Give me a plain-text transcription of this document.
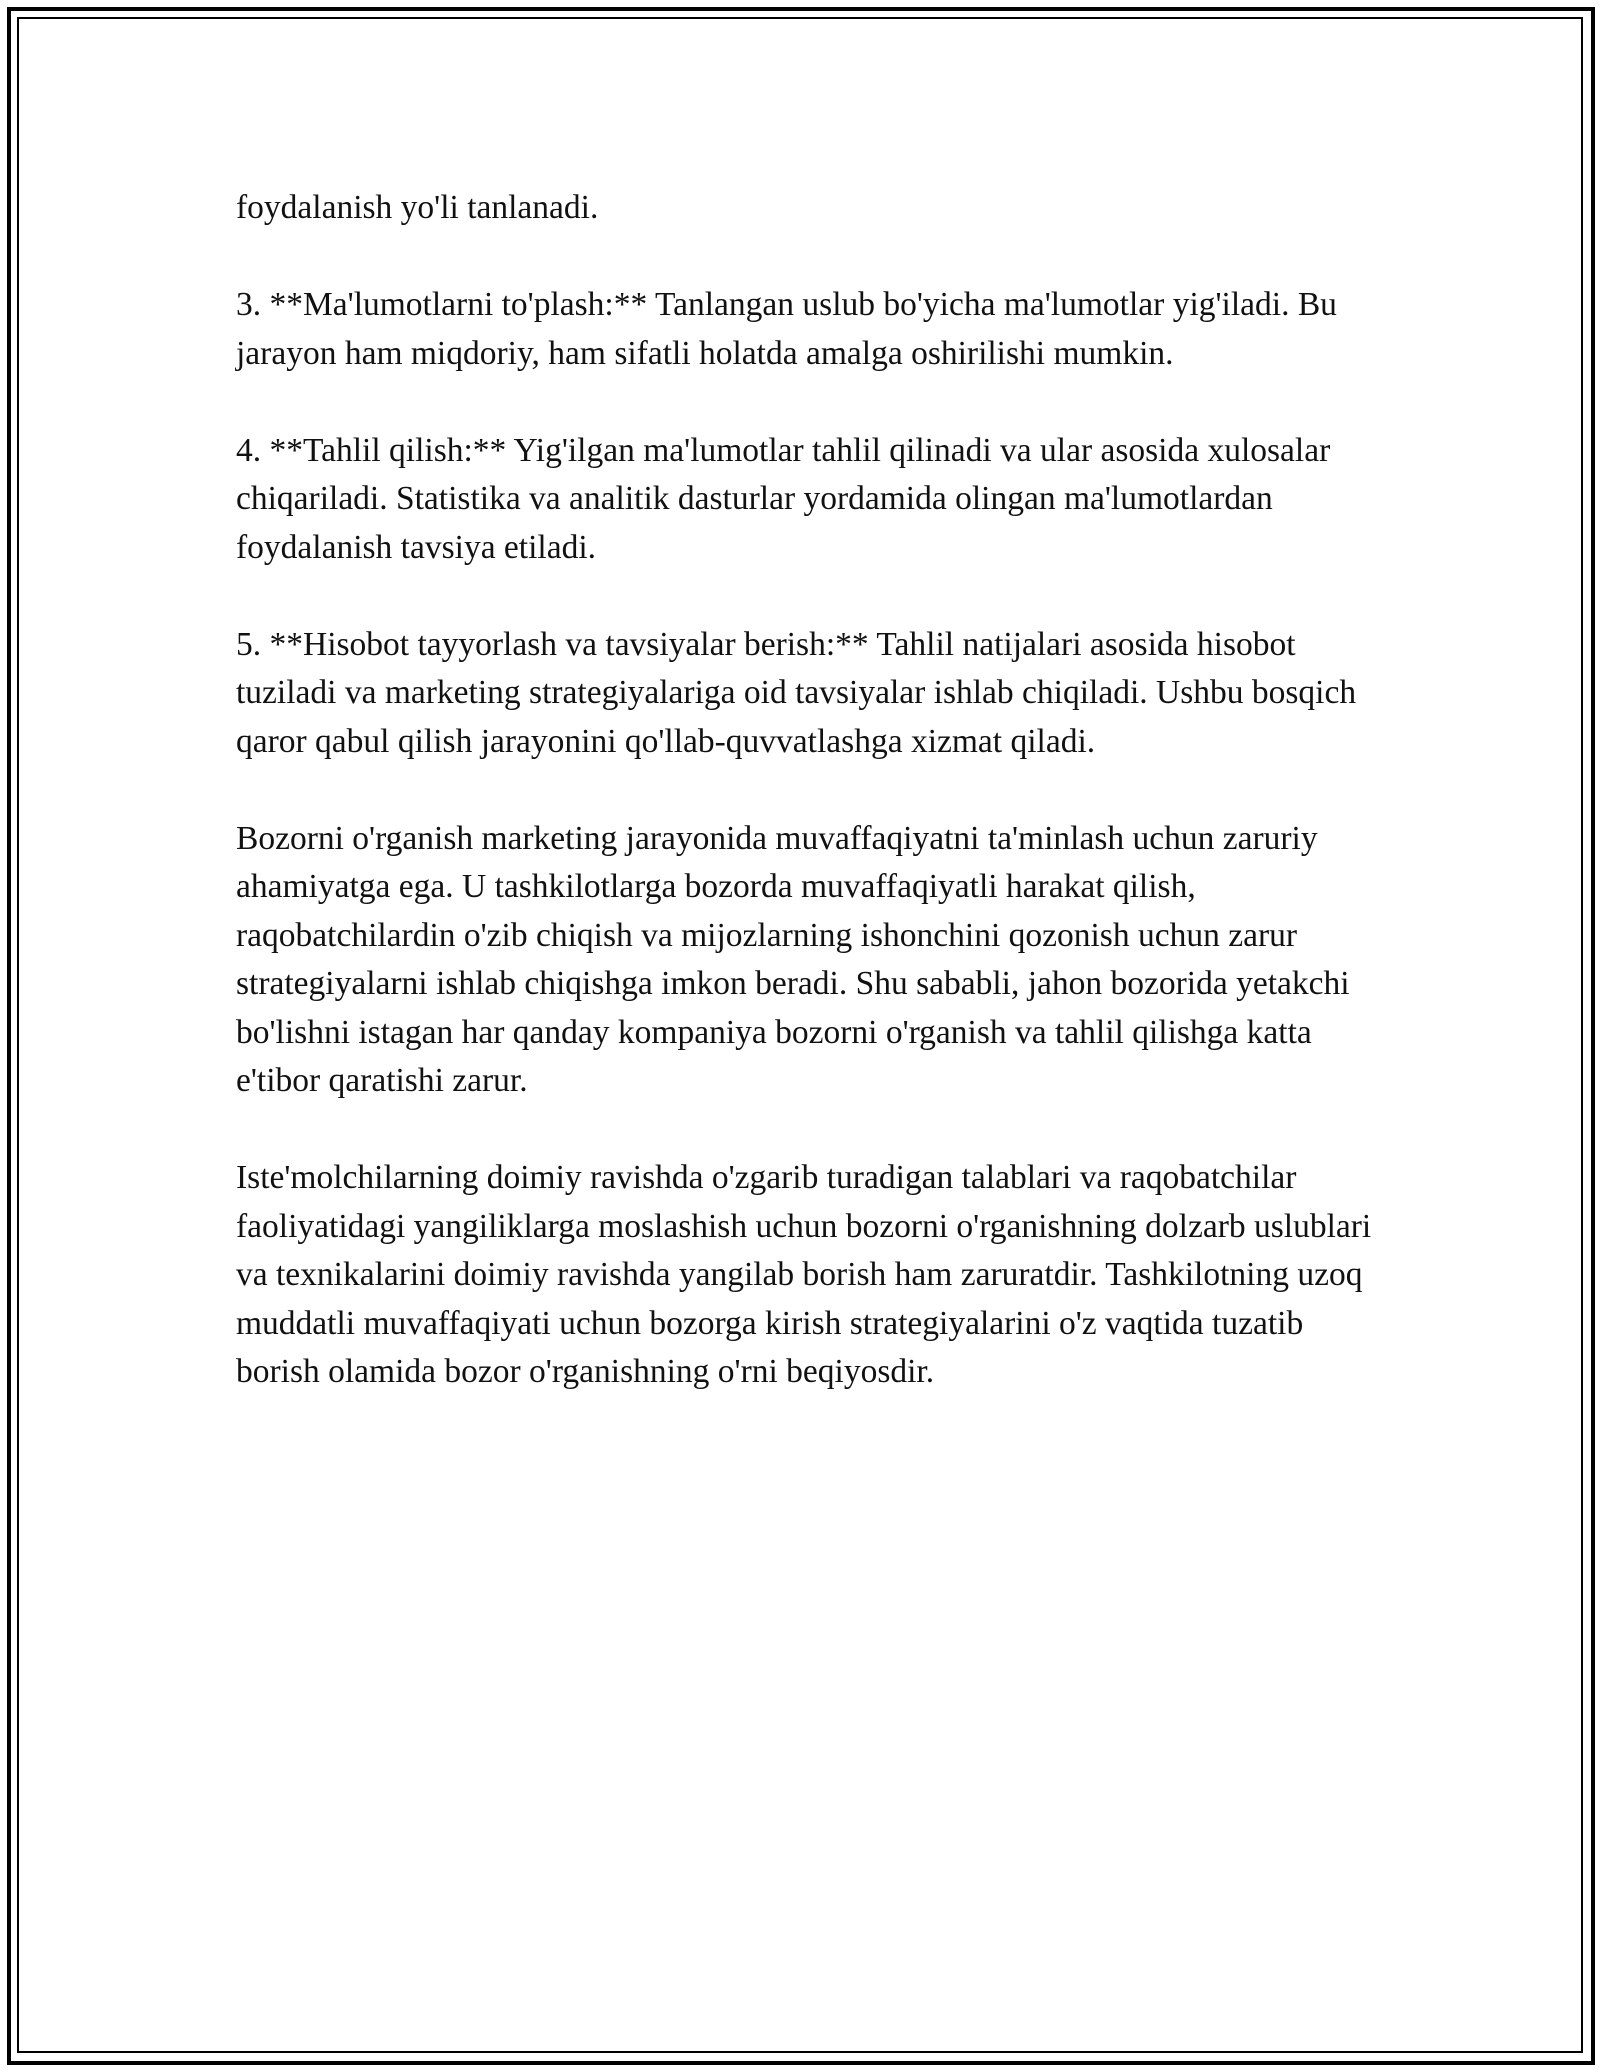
foydalanish yo'li tanlanadi.

3. **Ma'lumotlarni to'plash:** Tanlangan uslub bo'yicha ma'lumotlar yig'iladi. Bu jarayon ham miqdoriy, ham sifatli holatda amalga oshirilishi mumkin.

4. **Tahlil qilish:** Yig'ilgan ma'lumotlar tahlil qilinadi va ular asosida xulosalar chiqariladi. Statistika va analitik dasturlar yordamida olingan ma'lumotlardan foydalanish tavsiya etiladi.

5. **Hisobot tayyorlash va tavsiyalar berish:** Tahlil natijalari asosida hisobot tuziladi va marketing strategiyalariga oid tavsiyalar ishlab chiqiladi. Ushbu bosqich qaror qabul qilish jarayonini qo'llab-quvvatlashga xizmat qiladi.

Bozorni o'rganish marketing jarayonida muvaffaqiyatni ta'minlash uchun zaruriy ahamiyatga ega. U tashkilotlarga bozorda muvaffaqiyatli harakat qilish, raqobatchilardin o'zib chiqish va mijozlarning ishonchini qozonish uchun zarur strategiyalarni ishlab chiqishga imkon beradi. Shu sababli, jahon bozorida yetakchi bo'lishni istagan har qanday kompaniya bozorni o'rganish va tahlil qilishga katta e'tibor qaratishi zarur.

Iste'molchilarning doimiy ravishda o'zgarib turadigan talablari va raqobatchilar faoliyatidagi yangiliklarga moslashish uchun bozorni o'rganishning dolzarb uslublari va texnikalarini doimiy ravishda yangilab borish ham zaruratdir. Tashkilotning uzoq muddatli muvaffaqiyati uchun bozorga kirish strategiyalarini o'z vaqtida tuzatib borish olamida bozor o'rganishning o'rni beqiyosdir.
